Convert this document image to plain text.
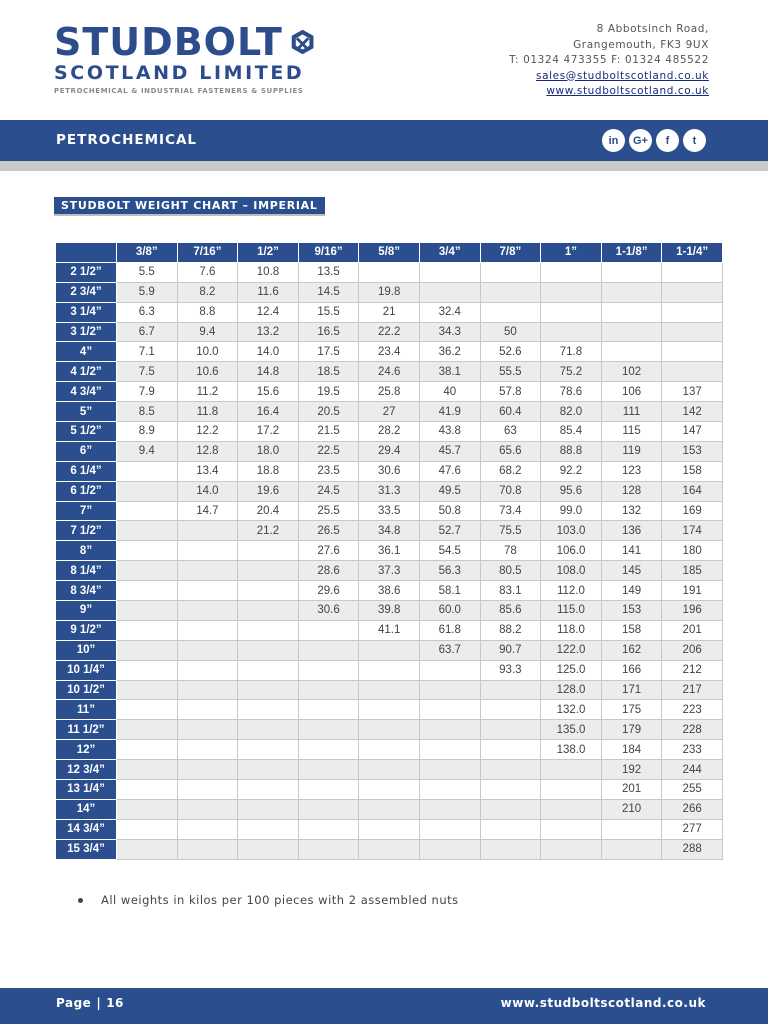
STUDBOLT
SCOTLAND LIMITED
PETROCHEMICAL & INDUSTRIAL FASTENERS & SUPPLIES
8 Abbotsinch Road,
Grangemouth, FK3 9UX
T: 01324 473355 F: 01324 485522
sales@studboltscotland.co.uk
www.studboltscotland.co.uk
PETROCHEMICAL	in	G+	f	t
STUDBOLT WEIGHT CHART – IMPERIAL
	3/8”	7/16”	1/2”	9/16”	5/8”	3/4”	7/8”	1”	1-1/8”	1-1/4”
2 1/2”	5.5	7.6	10.8	13.5						
2 3/4”	5.9	8.2	11.6	14.5	19.8					
3 1/4”	6.3	8.8	12.4	15.5	21	32.4				
3 1/2”	6.7	9.4	13.2	16.5	22.2	34.3	50			
4”	7.1	10.0	14.0	17.5	23.4	36.2	52.6	71.8		
4 1/2”	7.5	10.6	14.8	18.5	24.6	38.1	55.5	75.2	102	
4 3/4”	7.9	11.2	15.6	19.5	25.8	40	57.8	78.6	106	137
5”	8.5	11.8	16.4	20.5	27	41.9	60.4	82.0	111	142
5 1/2”	8.9	12.2	17.2	21.5	28.2	43.8	63	85.4	115	147
6”	9.4	12.8	18.0	22.5	29.4	45.7	65.6	88.8	119	153
6 1/4”		13.4	18.8	23.5	30.6	47.6	68.2	92.2	123	158
6 1/2”		14.0	19.6	24.5	31.3	49.5	70.8	95.6	128	164
7”		14.7	20.4	25.5	33.5	50.8	73.4	99.0	132	169
7 1/2”			21.2	26.5	34.8	52.7	75.5	103.0	136	174
8”				27.6	36.1	54.5	78	106.0	141	180
8 1/4”				28.6	37.3	56.3	80.5	108.0	145	185
8 3/4”				29.6	38.6	58.1	83.1	112.0	149	191
9”				30.6	39.8	60.0	85.6	115.0	153	196
9 1/2”					41.1	61.8	88.2	118.0	158	201
10”						63.7	90.7	122.0	162	206
10 1/4”							93.3	125.0	166	212
10 1/2”								128.0	171	217
11”								132.0	175	223
11 1/2”								135.0	179	228
12”								138.0	184	233
12 3/4”									192	244
13 1/4”									201	255
14”									210	266
14 3/4”										277
15 3/4”										288
All weights in kilos per 100 pieces with 2 assembled nuts
Page | 16	www.studboltscotland.co.uk
